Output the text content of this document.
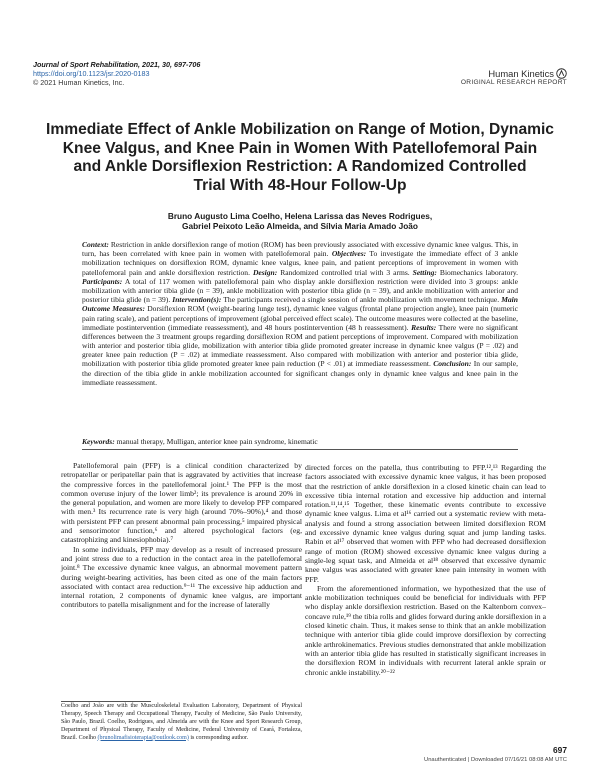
Journal of Sport Rehabilitation, 2021, 30, 697-706
https://doi.org/10.1123/jsr.2020-0183
© 2021 Human Kinetics, Inc.
Human Kinetics
ORIGINAL RESEARCH REPORT
Immediate Effect of Ankle Mobilization on Range of Motion, Dynamic
Knee Valgus, and Knee Pain in Women With Patellofemoral Pain
and Ankle Dorsiflexion Restriction: A Randomized Controlled
Trial With 48-Hour Follow-Up
Bruno Augusto Lima Coelho, Helena Larissa das Neves Rodrigues,
Gabriel Peixoto Leão Almeida, and Sílvia Maria Amado João
Context: Restriction in ankle dorsiflexion range of motion (ROM) has been previously associated with excessive dynamic knee valgus. This, in turn, has been correlated with knee pain in women with patellofemoral pain. Objectives: To investigate the immediate effect of 3 ankle mobilization techniques on dorsiflexion ROM, dynamic knee valgus, knee pain, and patient perceptions of improvement in women with patellofemoral pain and ankle dorsiflexion restriction. Design: Randomized controlled trial with 3 arms. Setting: Biomechanics laboratory. Participants: A total of 117 women with patellofemoral pain who display ankle dorsiflexion restriction were divided into 3 groups: ankle mobilization with anterior tibia glide (n = 39), ankle mobilization with posterior tibia glide (n = 39), and ankle mobilization with anterior and posterior tibia glide (n = 39). Intervention(s): The participants received a single session of ankle mobilization with movement technique. Main Outcome Measures: Dorsiflexion ROM (weight-bearing lunge test), dynamic knee valgus (frontal plane projection angle), knee pain (numeric pain rating scale), and patient perceptions of improvement (global perceived effect scale). The outcome measures were collected at the baseline, immediate postintervention (immediate reassessment), and 48 hours postintervention (48 h reassessment). Results: There were no significant differences between the 3 treatment groups regarding dorsiflexion ROM and patient perceptions of improvement. Compared with mobilization with anterior and posterior tibia glide, mobilization with anterior tibia glide promoted greater increase in dynamic knee valgus (P = .02) and greater knee pain reduction (P = .02) at immediate reassessment. Also compared with mobilization with anterior and posterior tibia glide, mobilization with posterior tibia glide promoted greater knee pain reduction (P < .01) at immediate reassessment. Conclusion: In our sample, the direction of the tibia glide in ankle mobilization accounted for significant changes only in dynamic knee valgus and knee pain in the immediate reassessment.
Keywords: manual therapy, Mulligan, anterior knee pain syndrome, kinematic

Patellofemoral pain (PFP) is a clinical condition characterized by retropatellar or peripatellar pain that is aggravated by activities that increase the compressive forces in the patellofemoral joint.¹ The PFP is the most common overuse injury of the lower limb²; its prevalence is around 20% in the general population, and women are more likely to develop PFP compared with men.³ Its recurrence rate is very high (around 70%–90%),⁴ and those with persistent PFP can present abnormal pain processing,⁵ impaired physical and sensorimotor function,⁶ and altered psychological factors (eg, catastrophizing and kinesiophobia).⁷

In some individuals, PFP may develop as a result of increased pressure and joint stress due to a reduction in the contact area in the patellofemoral joint.⁸ The excessive dynamic knee valgus, an abnormal movement pattern during weight-bearing activities, has been cited as one of the main factors associated with contact area reduction.⁹⁻¹¹ The excessive hip adduction and internal rotation, 2 components of dynamic knee valgus, are important contributors to patella misalignment and for the increase of laterally

directed forces on the patella, thus contributing to PFP.¹²,¹³ Regarding the factors associated with excessive dynamic knee valgus, it has been proposed that the restriction of ankle dorsiflexion in a closed kinetic chain can lead to excessive tibia internal rotation and excessive hip adduction and internal rotation.¹¹,¹⁴,¹⁵ Together, these kinematic events contribute to excessive dynamic knee valgus. Lima et al¹⁶ carried out a systematic review with meta-analysis and found a strong association between limited dorsiflexion ROM and excessive dynamic knee valgus during squat and jump landing tasks. Rabin et al¹⁷ observed that women with PFP who had decreased dorsiflexion range of motion (ROM) showed excessive dynamic knee valgus during a single-leg squat task, and Almeida et al¹⁸ observed that excessive dynamic knee valgus was associated with greater knee pain intensity in women with PFP.

From the aforementioned information, we hypothesized that the use of ankle mobilization techniques could be beneficial for individuals with PFP who display ankle dorsiflexion restriction. Based on the Kaltenborn convex–concave rule,¹⁹ the tibia rolls and glides forward during ankle dorsiflexion in a closed kinetic chain. Thus, it makes sense to think that an ankle mobilization technique with anterior tibia glide could improve dorsiflexion by correcting ankle arthrokinematics. Previous studies demonstrated that ankle mobilization with an anterior tibia glide has resulted in statistically significant increases in the dorsiflexion ROM in individuals with recurrent lateral ankle sprain or chronic ankle instability.²⁰⁻²²

Coelho and João are with the Musculoskeletal Evaluation Laboratory, Department of Physical Therapy, Speech Therapy and Occupational Therapy, Faculty of Medicine, São Paulo University, São Paulo, Brazil. Coelho, Rodrigues, and Almeida are with the Knee and Sport Research Group, Department of Physical Therapy, Faculty of Medicine, Federal University of Ceará, Fortaleza, Brazil. Coelho (brunolimafisioterapia@outlook.com) is corresponding author.
697
Unauthenticated | Downloaded 07/16/21 08:08 AM UTC
